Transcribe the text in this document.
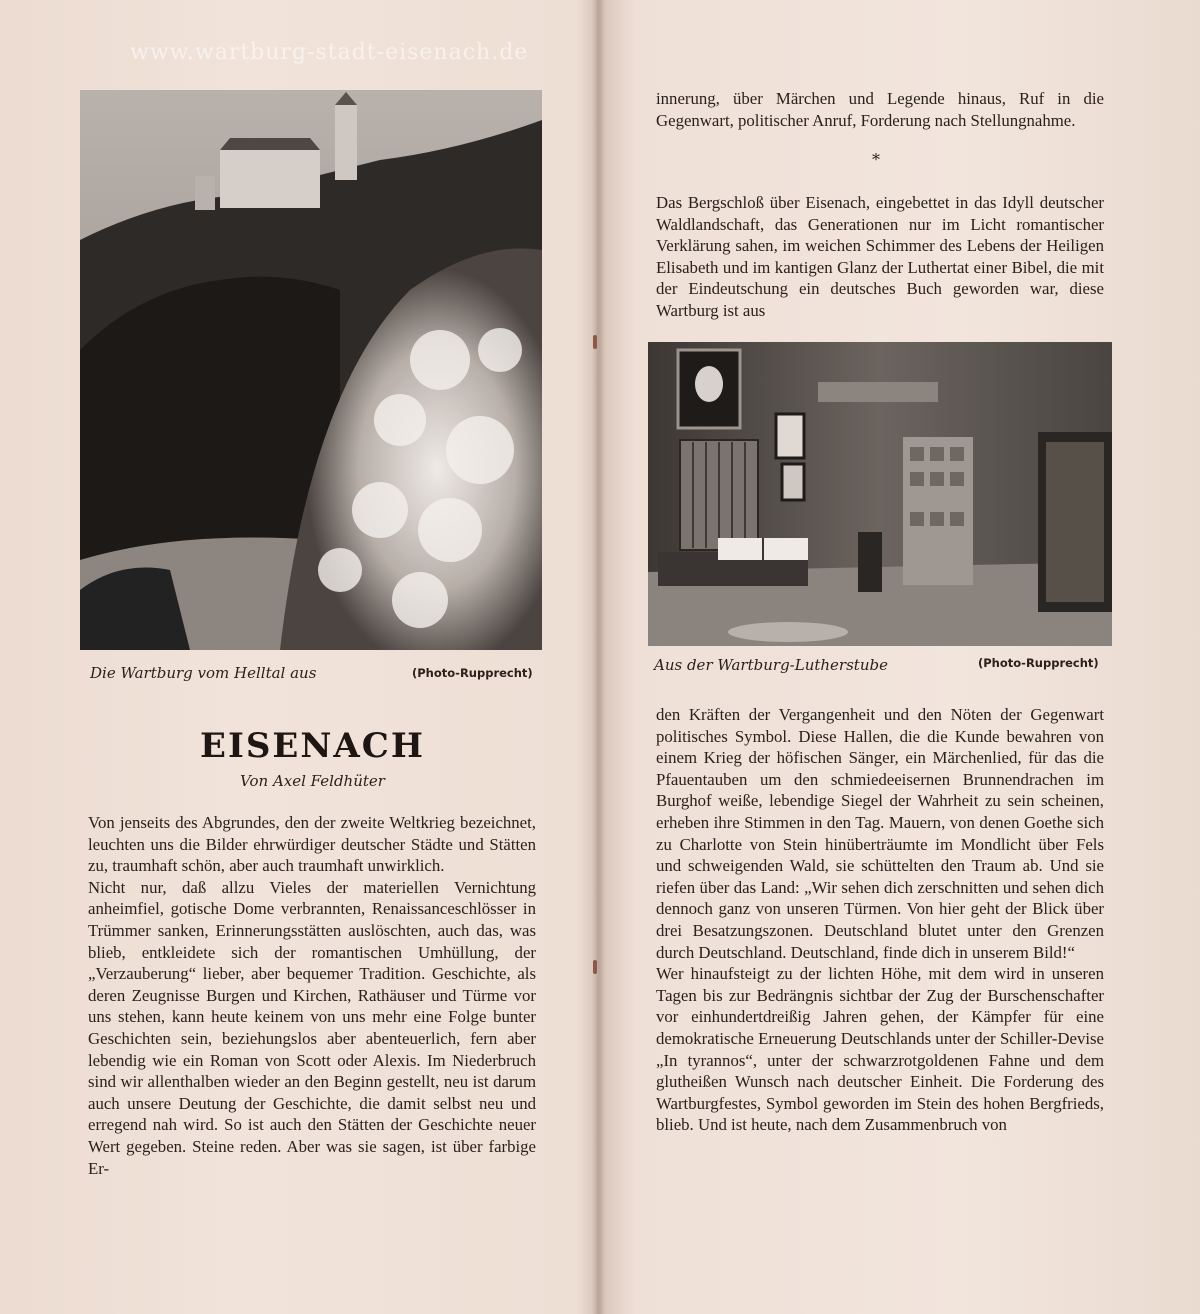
www.wartburg-stadt-eisenach.de
Die Wartburg vom Helltal aus	(Photo-Rupprecht)
EISENACH
Von Axel Feldhüter

Von jenseits des Abgrundes, den der zweite Weltkrieg bezeichnet, leuchten uns die Bilder ehrwürdiger deutscher Städte und Stätten zu, traumhaft schön, aber auch traumhaft unwirklich.

Nicht nur, daß allzu Vieles der materiellen Vernichtung anheimfiel, gotische Dome verbrannten, Renaissanceschlösser in Trümmer sanken, Erinnerungsstätten auslöschten, auch das, was blieb, entkleidete sich der romantischen Umhüllung, der „Verzauberung“ lieber, aber bequemer Tradition. Geschichte, als deren Zeugnisse Burgen und Kirchen, Rathäuser und Türme vor uns stehen, kann heute keinem von uns mehr eine Folge bunter Geschichten sein, beziehungslos aber abenteuerlich, fern aber lebendig wie ein Roman von Scott oder Alexis. Im Niederbruch sind wir allenthalben wieder an den Beginn gestellt, neu ist darum auch unsere Deutung der Geschichte, die damit selbst neu und erregend nah wird. So ist auch den Stätten der Geschichte neuer Wert gegeben. Steine reden. Aber was sie sagen, ist über farbige Er-

innerung, über Märchen und Legende hinaus, Ruf in die Gegenwart, politischer Anruf, Forderung nach Stellungnahme.

*

Das Bergschloß über Eisenach, eingebettet in das Idyll deutscher Waldlandschaft, das Generationen nur im Licht romantischer Verklärung sahen, im weichen Schimmer des Lebens der Heiligen Elisabeth und im kantigen Glanz der Luthertat einer Bibel, die mit der Eindeutschung ein deutsches Buch geworden war, diese Wartburg ist aus

Aus der Wartburg-Lutherstube	(Photo-Rupprecht)

den Kräften der Vergangenheit und den Nöten der Gegenwart politisches Symbol. Diese Hallen, die die Kunde bewahren von einem Krieg der höfischen Sänger, ein Märchenlied, für das die Pfauentauben um den schmiedeeisernen Brunnendrachen im Burghof weiße, lebendige Siegel der Wahrheit zu sein scheinen, erheben ihre Stimmen in den Tag. Mauern, von denen Goethe sich zu Charlotte von Stein hinüberträumte im Mondlicht über Fels und schweigenden Wald, sie schüttelten den Traum ab. Und sie riefen über das Land: „Wir sehen dich zerschnitten und sehen dich dennoch ganz von unseren Türmen. Von hier geht der Blick über drei Besatzungszonen. Deutschland blutet unter den Grenzen durch Deutschland. Deutschland, finde dich in unserem Bild!“

Wer hinaufsteigt zu der lichten Höhe, mit dem wird in unseren Tagen bis zur Bedrängnis sichtbar der Zug der Burschenschafter vor einhundertdreißig Jahren gehen, der Kämpfer für eine demokratische Erneuerung Deutschlands unter der Schiller-Devise „In tyrannos“, unter der schwarzrotgoldenen Fahne und dem glutheißen Wunsch nach deutscher Einheit. Die Forderung des Wartburgfestes, Symbol geworden im Stein des hohen Bergfrieds, blieb. Und ist heute, nach dem Zusammenbruch von
